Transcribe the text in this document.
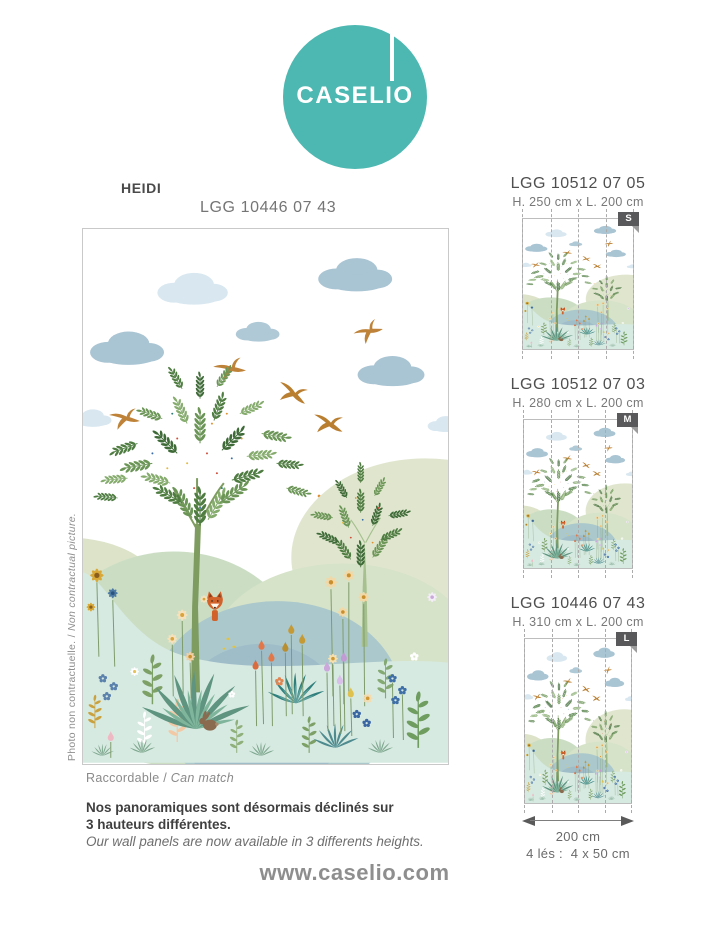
CASELIO
HEIDI
LGG 10446 07 43
Photo non contractuelle. / Non contractual picture.
Raccordable / Can match
Nos panoramiques sont désormais déclinés sur
3 hauteurs différentes.
Our wall panels are now available in 3 differents heights.
LGG 10512 07 05
H. 250 cm x L. 200 cm
S
LGG 10512 07 03
H. 280 cm x L. 200 cm
M
LGG 10446 07 43
H. 310 cm x L. 200 cm
L
200 cm
4 lés :  4 x 50 cm
www.caselio.com
